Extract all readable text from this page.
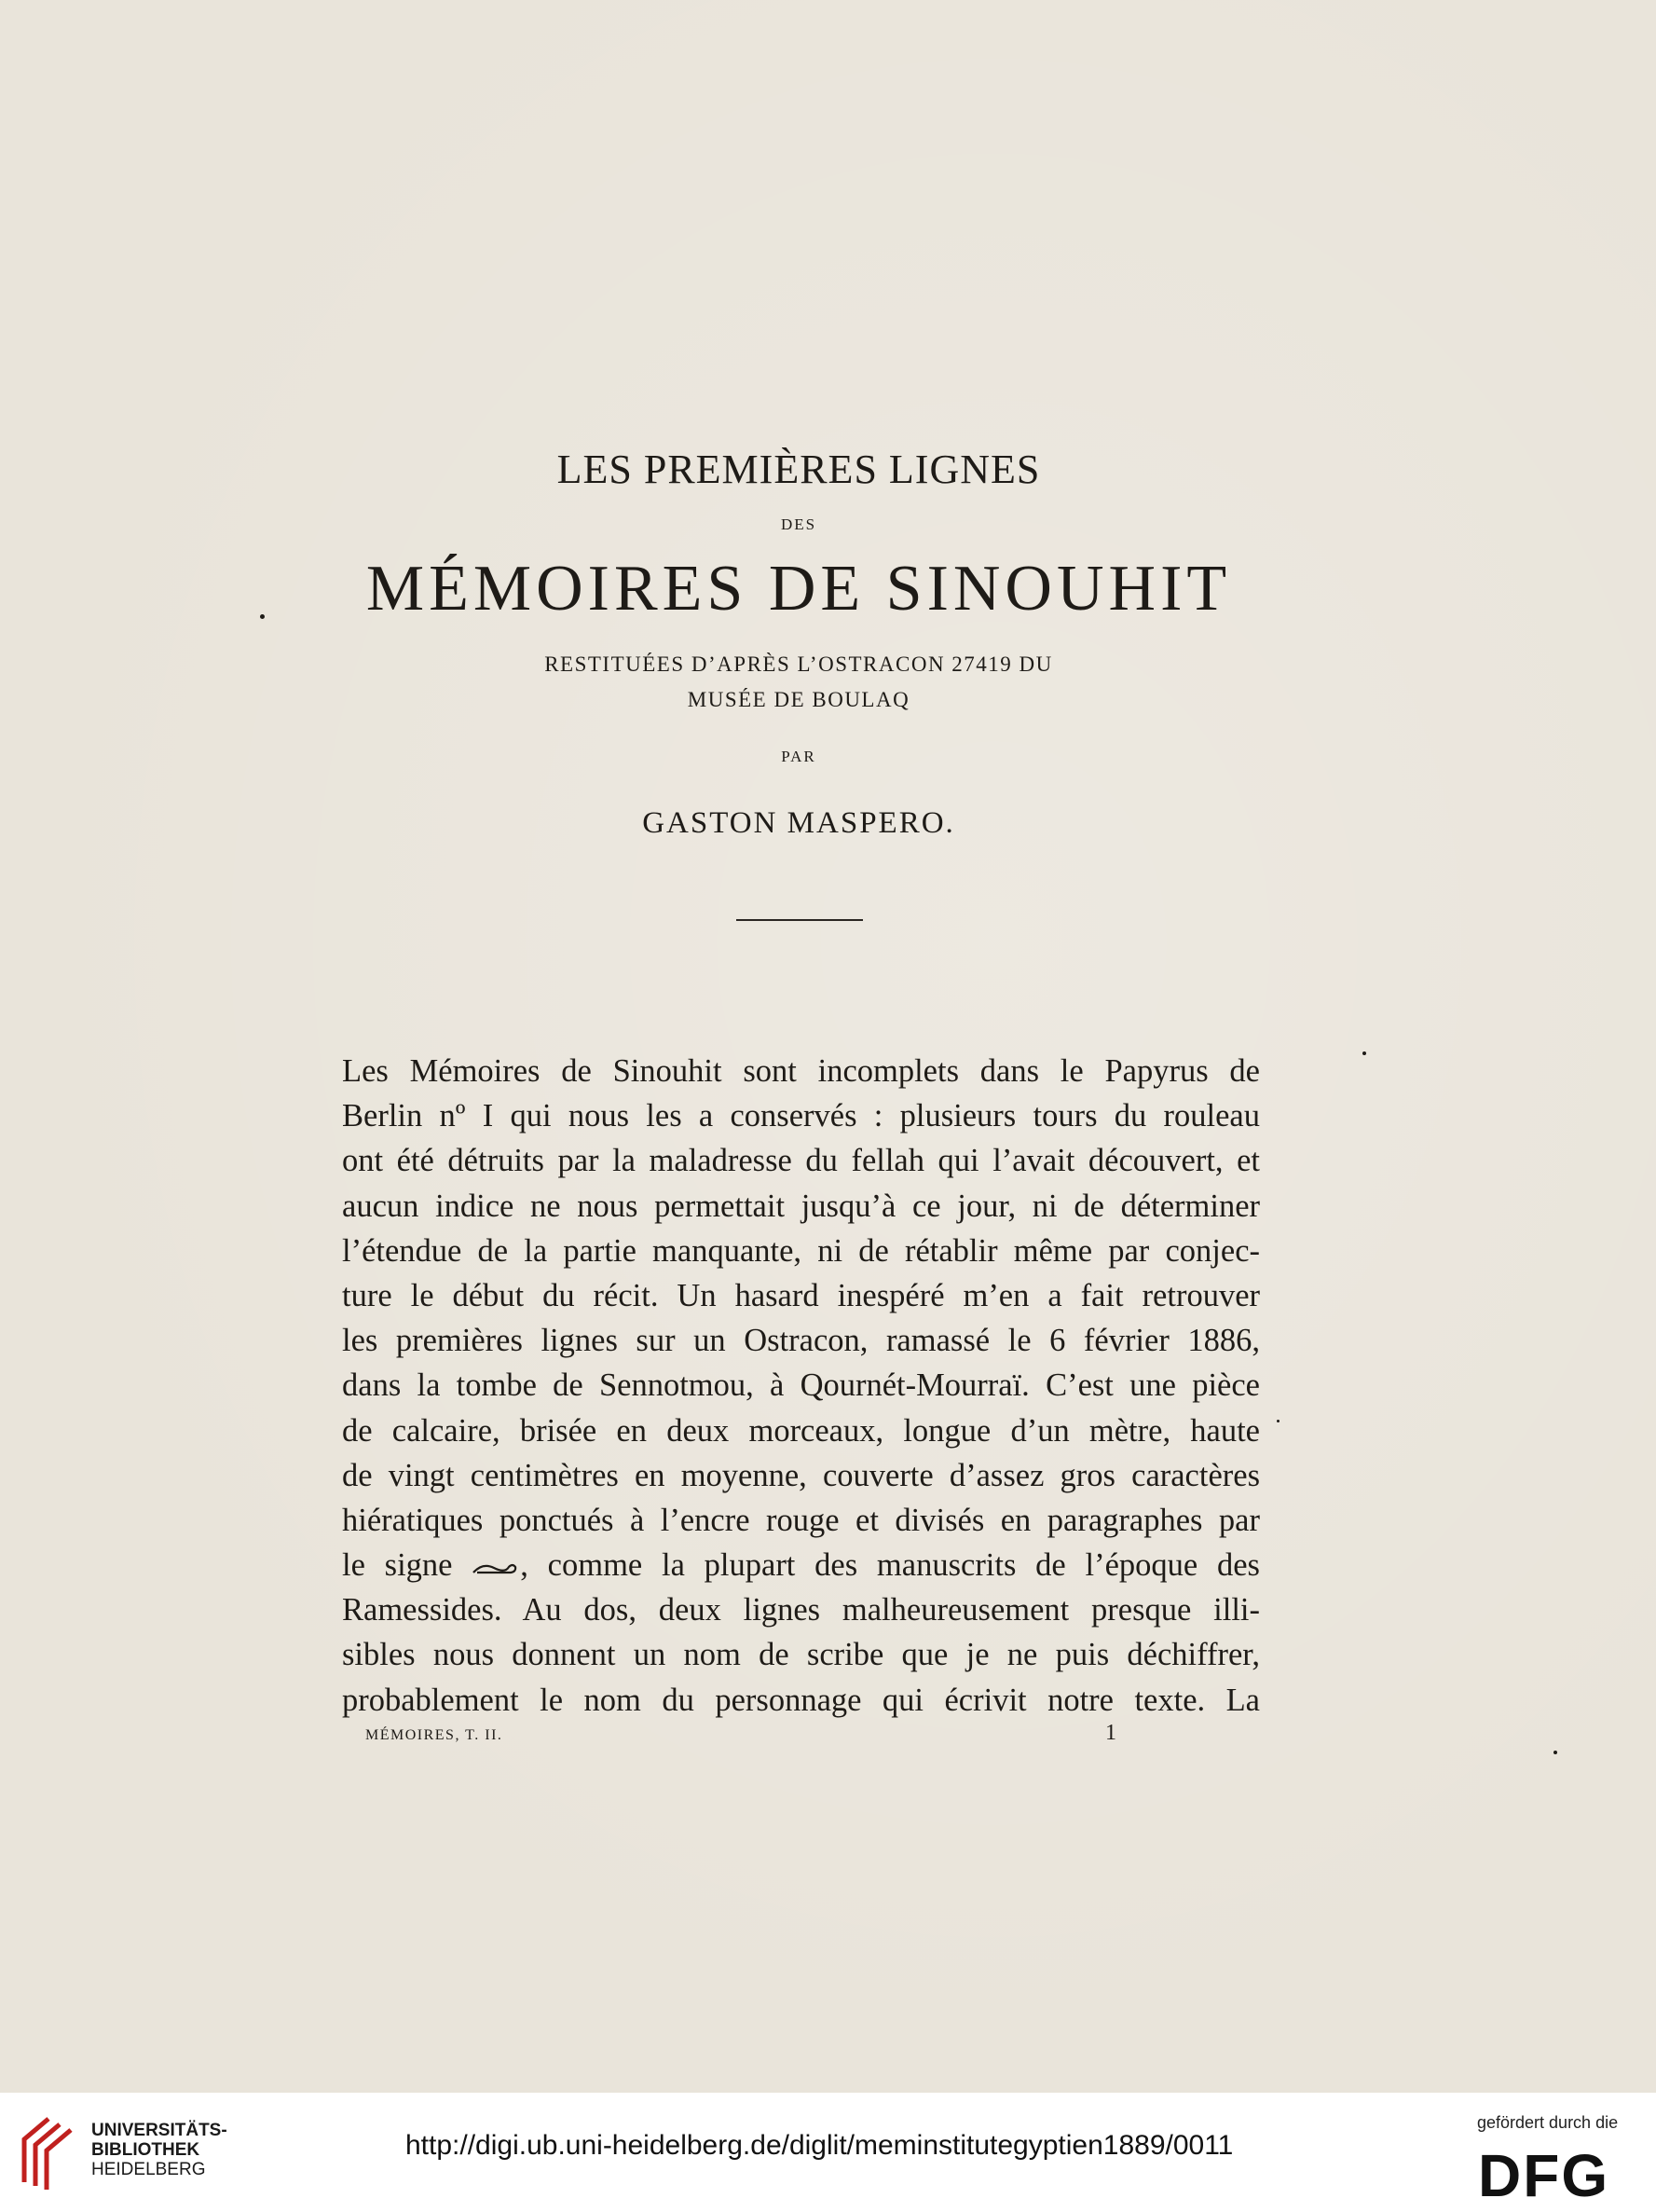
LES PREMIÈRES LIGNES
DES
MÉMOIRES DE SINOUHIT
RESTITUÉES D’APRÈS L’OSTRACON 27419 DU
MUSÉE DE BOULAQ
PAR
GASTON MASPERO.
Les Mémoires de Sinouhit sont incomplets dans le Papyrus de
Berlin nº I qui nous les a conservés : plusieurs tours du rouleau
ont été détruits par la maladresse du fellah qui l’avait découvert, et
aucun indice ne nous permettait jusqu’à ce jour, ni de déterminer
l’étendue de la partie manquante, ni de rétablir même par conjec-
ture le début du récit. Un hasard inespéré m’en a fait retrouver
les premières lignes sur un Ostracon, ramassé le 6 février 1886,
dans la tombe de Sennotmou, à Qournét-Mourraï. C’est une pièce
de calcaire, brisée en deux morceaux, longue d’un mètre, haute
de vingt centimètres en moyenne, couverte d’assez gros caractères
hiératiques ponctués à l’encre rouge et divisés en paragraphes par
le signe , comme la plupart des manuscrits de l’époque des
Ramessides. Au dos, deux lignes malheureusement presque illi-
sibles nous donnent un nom de scribe que je ne puis déchiffrer,
probablement le nom du personnage qui écrivit notre texte. La
MÉMOIRES, T. II.	1
UNIVERSITÄTS-
BIBLIOTHEK
HEIDELBERG
http://digi.ub.uni-heidelberg.de/diglit/meminstitutegyptien1889/0011
gefördert durch die
DFG
